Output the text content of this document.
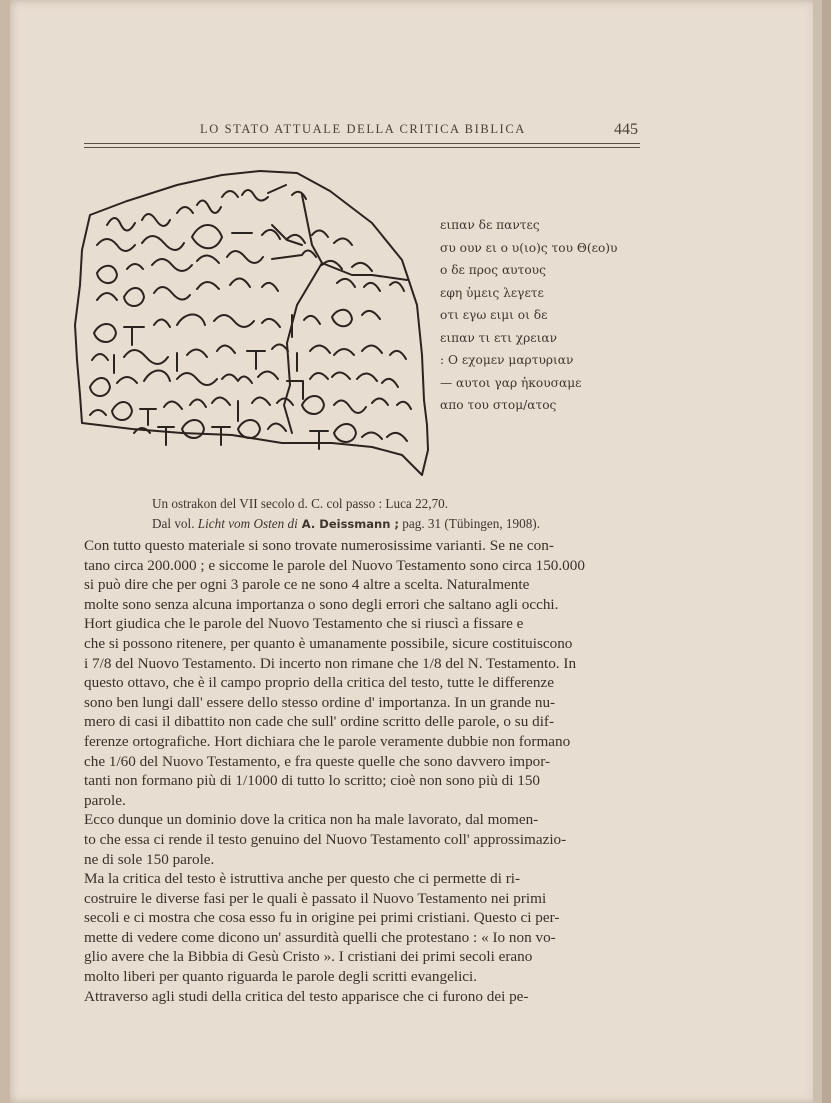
LO STATO ATTUALE DELLA CRITICA BIBLICA	445
ειπαν δε παντες
συ ουν ει ο υ(ιο)ς του Θ(εο)υ
ο δε προς αυτους
εφη ὑμεις λεγετε
οτι εγω ειμι οι δε
ειπαν τι ετι χρειαν
: Ο εχομεν μαρτυριαν
— αυτοι γαρ ἠκουσαμε
απο του στομ/ατος
Un ostrakon del VII secolo d. C. col passo : Luca 22,70.
Dal vol. Licht vom Osten di A. Deissmann ; pag. 31 (Tübingen, 1908).
Con tutto questo materiale si sono trovate numerosissime varianti. Se ne con-
tano circa 200.000 ; e siccome le parole del Nuovo Testamento sono circa 150.000
si può dire che per ogni 3 parole ce ne sono 4 altre a scelta. Naturalmente
molte sono senza alcuna importanza o sono degli errori che saltano agli occhi.
Hort giudica che le parole del Nuovo Testamento che si riuscì a fissare e
che si possono ritenere, per quanto è umanamente possibile, sicure costituiscono
i 7/8 del Nuovo Testamento. Di incerto non rimane che 1/8 del N. Testamento. In
questo ottavo, che è il campo proprio della critica del testo, tutte le differenze
sono ben lungi dall' essere dello stesso ordine d' importanza. In un grande nu-
mero di casi il dibattito non cade che sull' ordine scritto delle parole, o su dif-
ferenze ortografiche. Hort dichiara che le parole veramente dubbie non formano
che 1/60 del Nuovo Testamento, e fra queste quelle che sono davvero impor-
tanti non formano più di 1/1000 di tutto lo scritto; cioè non sono più di 150
parole.
Ecco dunque un dominio dove la critica non ha male lavorato, dal momen-
to che essa ci rende il testo genuino del Nuovo Testamento coll' approssimazio-
ne di sole 150 parole.
Ma la critica del testo è istruttiva anche per questo che ci permette di ri-
costruire le diverse fasi per le quali è passato il Nuovo Testamento nei primi
secoli e ci mostra che cosa esso fu in origine pei primi cristiani. Questo ci per-
mette di vedere come dicono un' assurdità quelli che protestano : « Io non vo-
glio avere che la Bibbia di Gesù Cristo ». I cristiani dei primi secoli erano
molto liberi per quanto riguarda le parole degli scritti evangelici.
Attraverso agli studi della critica del testo apparisce che ci furono dei pe-
